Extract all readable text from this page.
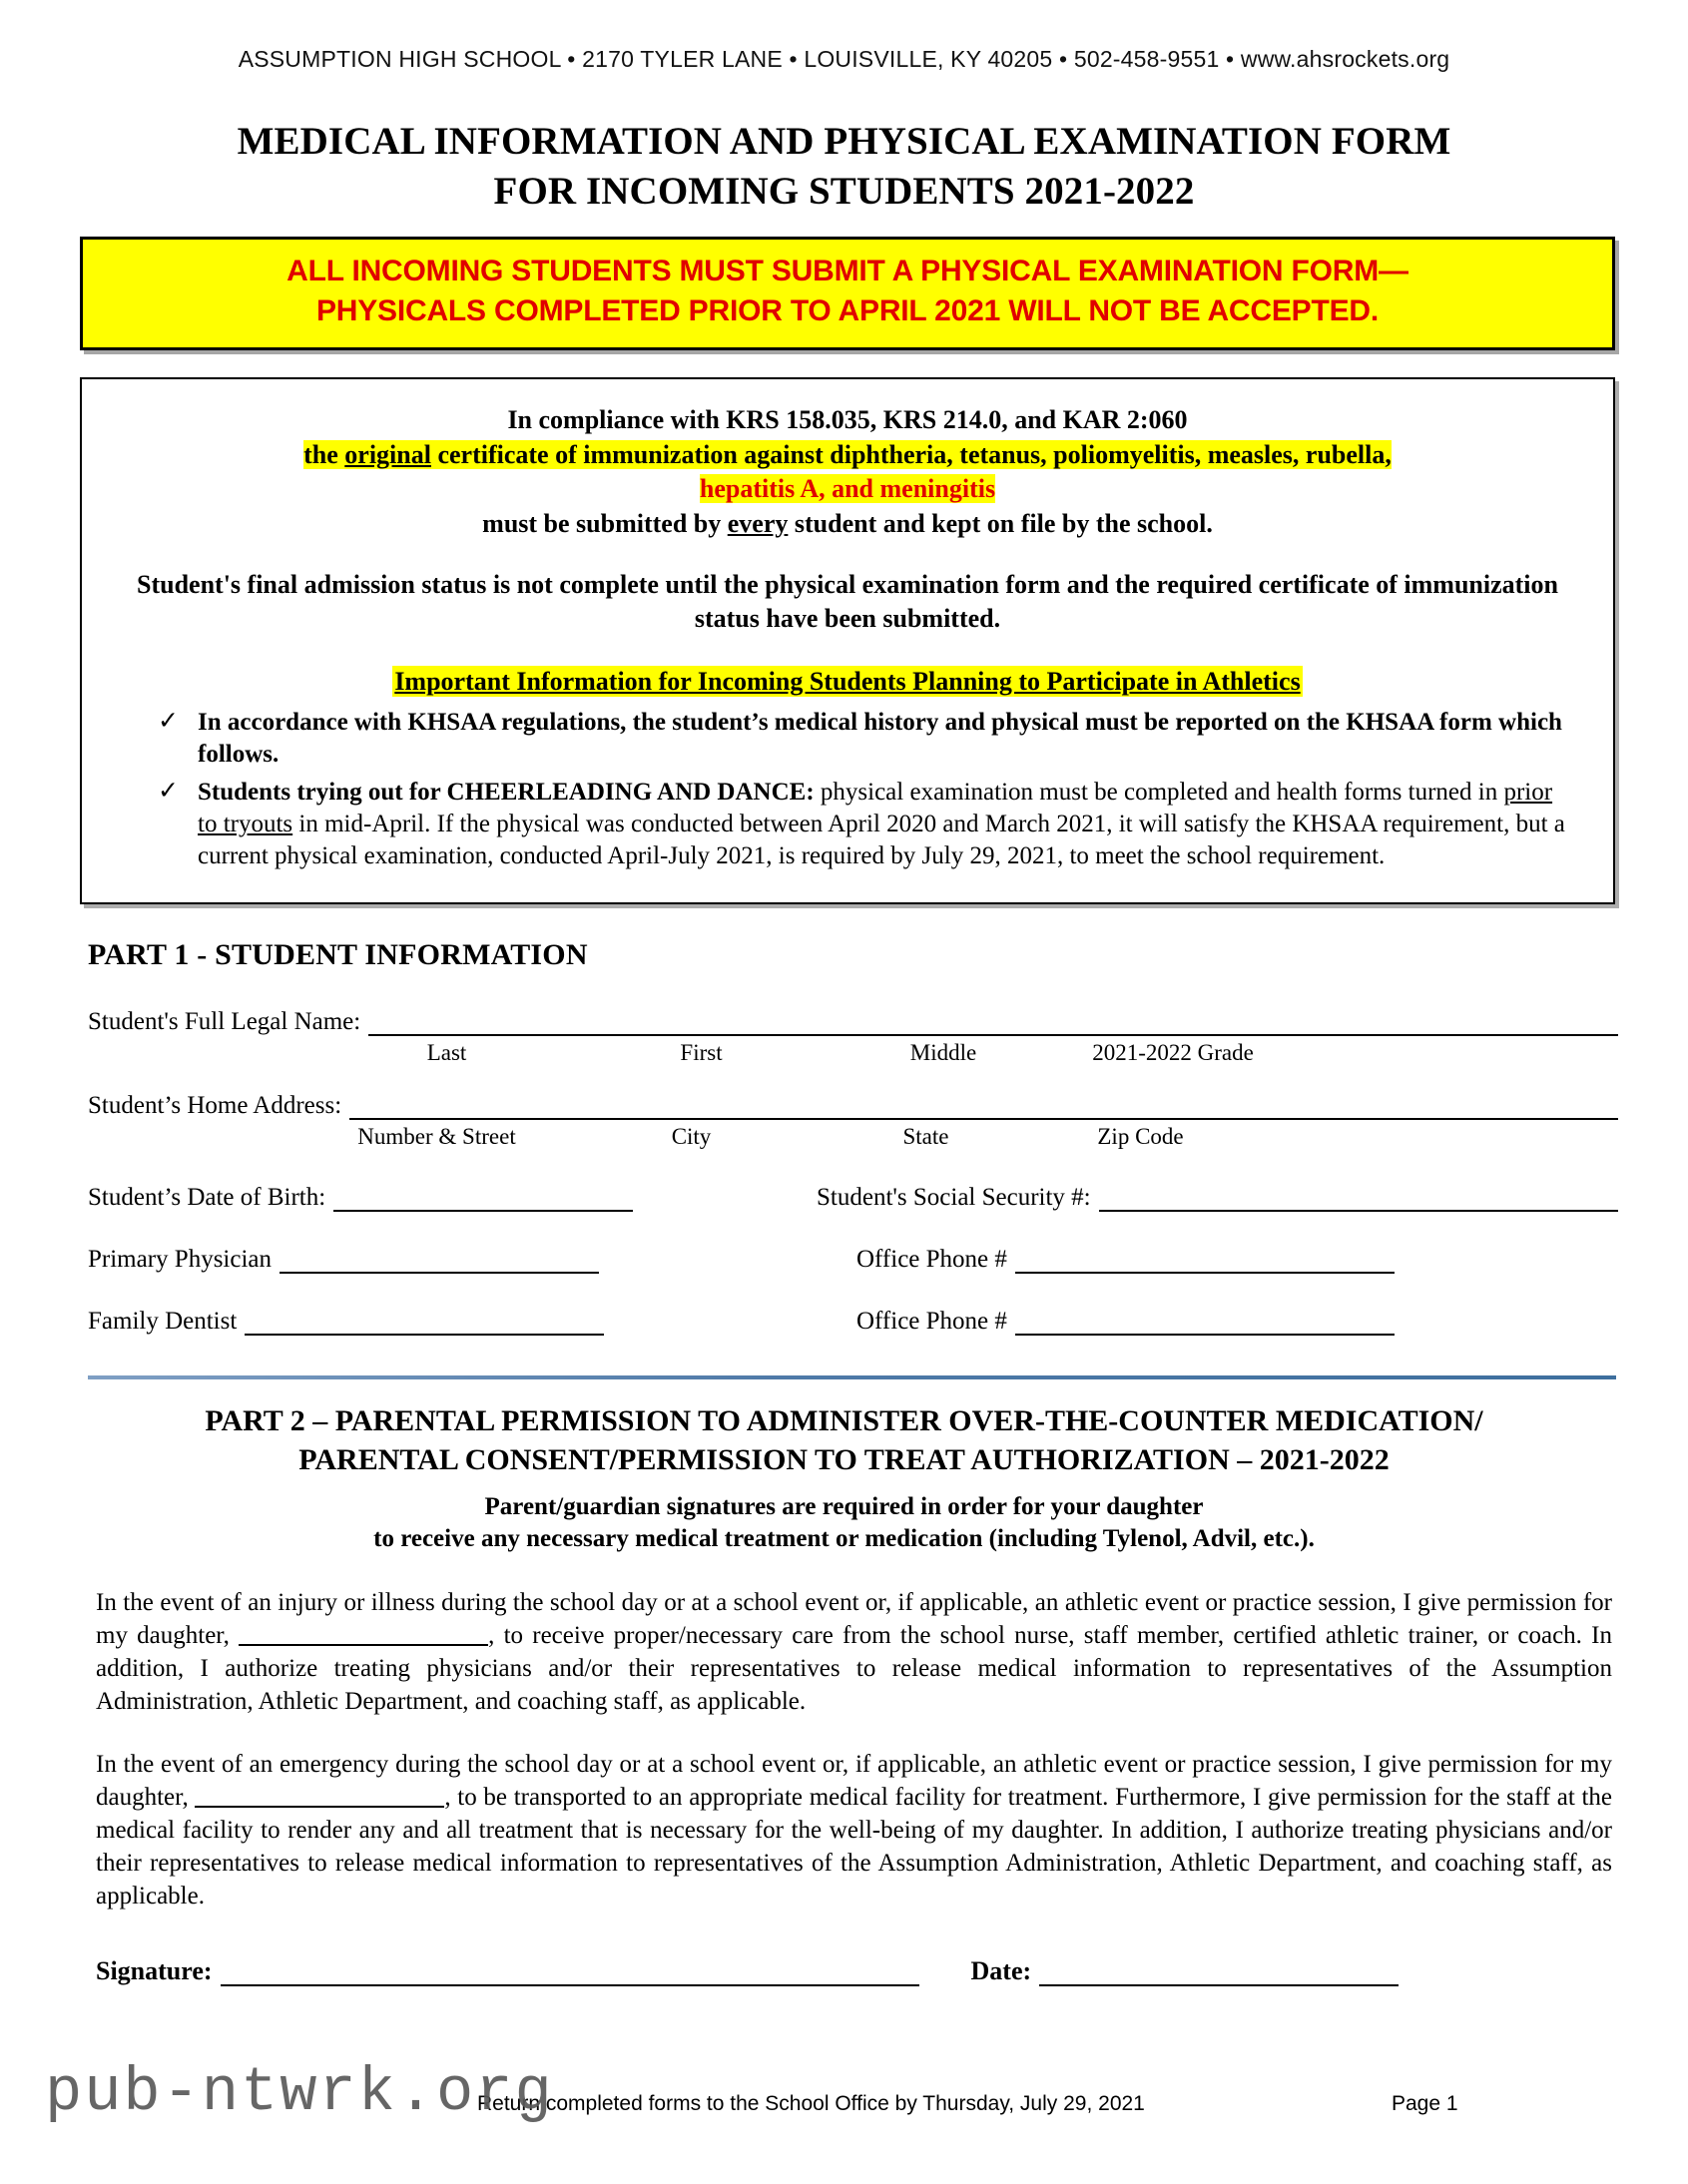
ASSUMPTION HIGH SCHOOL • 2170 TYLER LANE • LOUISVILLE, KY 40205 • 502-458-9551 • www.ahsrockets.org
MEDICAL INFORMATION AND PHYSICAL EXAMINATION FORM
FOR INCOMING STUDENTS 2021-2022
ALL INCOMING STUDENTS MUST SUBMIT A PHYSICAL EXAMINATION FORM—
PHYSICALS COMPLETED PRIOR TO APRIL 2021 WILL NOT BE ACCEPTED.
In compliance with KRS 158.035, KRS 214.0, and KAR 2:060
the original certificate of immunization against diphtheria, tetanus, poliomyelitis, measles, rubella,
hepatitis A, and meningitis
must be submitted by every student and kept on file by the school.
Student's final admission status is not complete until the physical examination form and the required certificate of immunization status have been submitted.
Important Information for Incoming Students Planning to Participate in Athletics
✓ In accordance with KHSAA regulations, the student’s medical history and physical must be reported on the KHSAA form which follows.
✓ Students trying out for CHEERLEADING AND DANCE: physical examination must be completed and health forms turned in prior to tryouts in mid-April. If the physical was conducted between April 2020 and March 2021, it will satisfy the KHSAA requirement, but a current physical examination, conducted April-July 2021, is required by July 29, 2021, to meet the school requirement.
PART 1 - STUDENT INFORMATION
Student's Full Legal Name:
Last	First	Middle	2021-2022 Grade
Student’s Home Address:
Number & Street	City	State	Zip Code
Student’s Date of Birth:	Student's Social Security #:
Primary Physician	Office Phone #
Family Dentist	Office Phone #
PART 2 – PARENTAL PERMISSION TO ADMINISTER OVER-THE-COUNTER MEDICATION/
PARENTAL CONSENT/PERMISSION TO TREAT AUTHORIZATION – 2021-2022
Parent/guardian signatures are required in order for your daughter
to receive any necessary medical treatment or medication (including Tylenol, Advil, etc.).
In the event of an injury or illness during the school day or at a school event or, if applicable, an athletic event or practice session, I give permission for my daughter,	, to receive proper/necessary care from the school nurse, staff member, certified athletic trainer, or coach. In addition, I authorize treating physicians and/or their representatives to release medical information to representatives of the Assumption Administration, Athletic Department, and coaching staff, as applicable.
In the event of an emergency during the school day or at a school event or, if applicable, an athletic event or practice session, I give permission for my daughter,	, to be transported to an appropriate medical facility for treatment. Furthermore, I give permission for the staff at the medical facility to render any and all treatment that is necessary for the well-being of my daughter. In addition, I authorize treating physicians and/or their representatives to release medical information to representatives of the Assumption Administration, Athletic Department, and coaching staff, as applicable.
Signature:	Date:
Return completed forms to the School Office by Thursday, July 29, 2021	Page 1
pub-ntwrk.org
